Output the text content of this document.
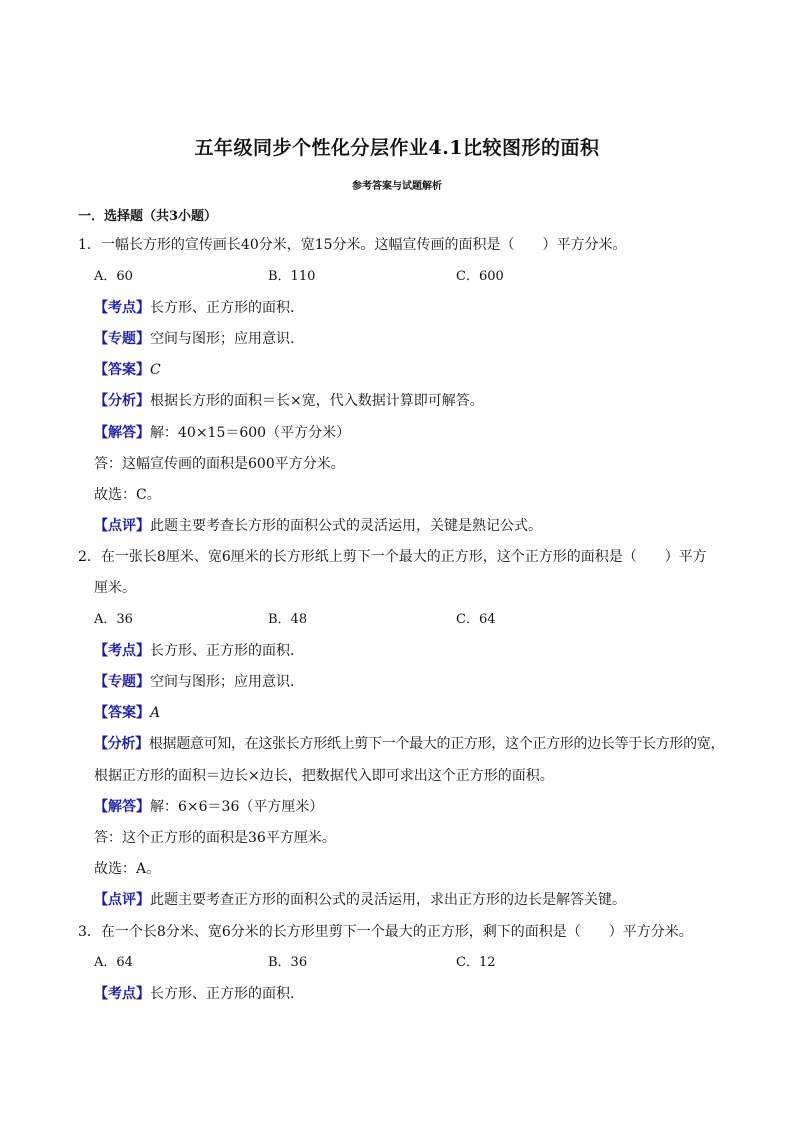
五年级同步个性化分层作业4.1比较图形的面积
参考答案与试题解析
一．选择题（共3小题）
1．一幅长方形的宣传画长40分米，宽15分米。这幅宣传画的面积是（　　）平方分米。
A．60	B．110	C．600
【考点】长方形、正方形的面积．
【专题】空间与图形；应用意识．
【答案】C
【分析】根据长方形的面积＝长×宽，代入数据计算即可解答。
【解答】解：40×15＝600（平方分米）
答：这幅宣传画的面积是600平方分米。
故选：C。
【点评】此题主要考查长方形的面积公式的灵活运用，关键是熟记公式。
2．在一张长8厘米、宽6厘米的长方形纸上剪下一个最大的正方形，这个正方形的面积是（　　）平方
厘米。
A．36	B．48	C．64
【考点】长方形、正方形的面积．
【专题】空间与图形；应用意识．
【答案】A
【分析】根据题意可知，在这张长方形纸上剪下一个最大的正方形，这个正方形的边长等于长方形的宽，
根据正方形的面积＝边长×边长，把数据代入即可求出这个正方形的面积。
【解答】解：6×6＝36（平方厘米）
答：这个正方形的面积是36平方厘米。
故选：A。
【点评】此题主要考查正方形的面积公式的灵活运用，求出正方形的边长是解答关键。
3．在一个长8分米、宽6分米的长方形里剪下一个最大的正方形，剩下的面积是（　　）平方分米。
A．64	B．36	C．12
【考点】长方形、正方形的面积．
